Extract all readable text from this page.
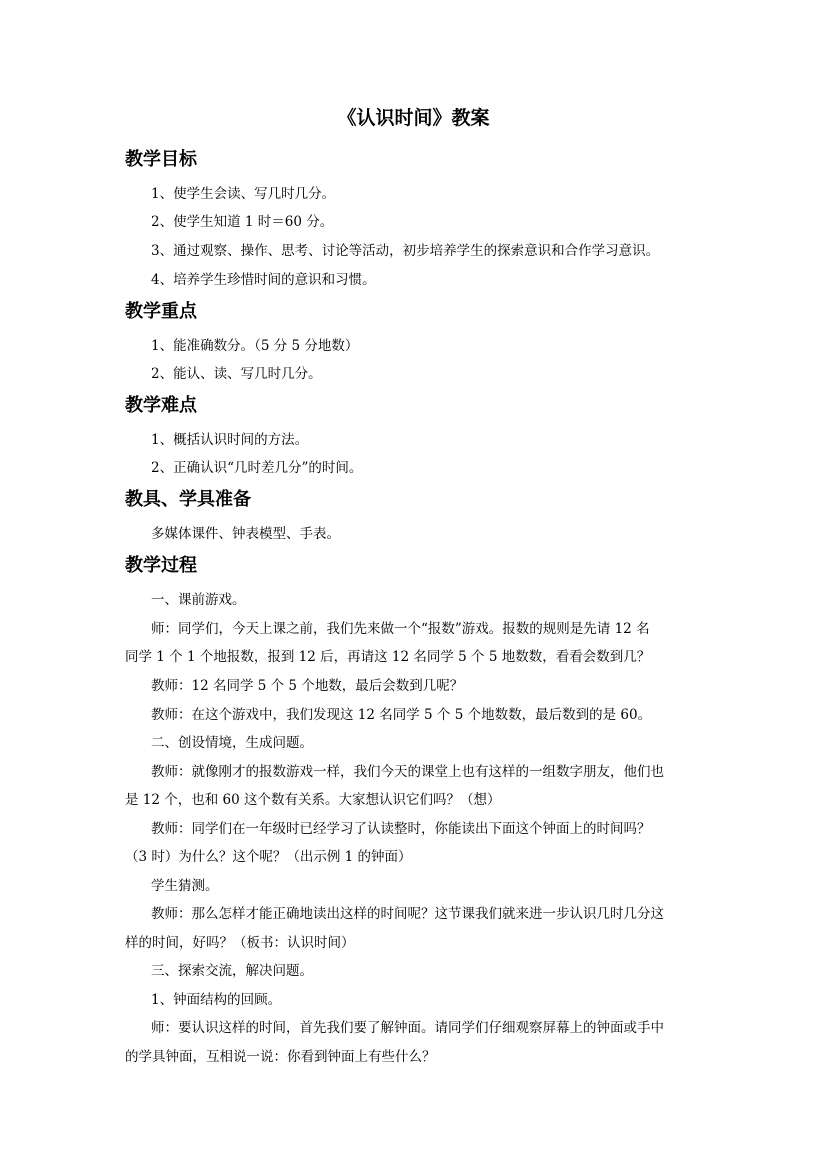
《认识时间》教案
教学目标
1、使学生会读、写几时几分。
2、使学生知道 1 时＝60 分。
3、通过观察、操作、思考、讨论等活动，初步培养学生的探索意识和合作学习意识。
4、培养学生珍惜时间的意识和习惯。
教学重点
1、能准确数分。（5 分 5 分地数）
2、能认、读、写几时几分。
教学难点
1、概括认识时间的方法。
2、正确认识“几时差几分”的时间。
教具、学具准备
多媒体课件、钟表模型、手表。
教学过程
一、课前游戏。
师：同学们，今天上课之前，我们先来做一个“报数”游戏。报数的规则是先请 12 名
同学 1 个 1 个地报数，报到 12 后，再请这 12 名同学 5 个 5 地数数，看看会数到几？
教师：12 名同学 5 个 5 个地数，最后会数到几呢？
教师：在这个游戏中，我们发现这 12 名同学 5 个 5 个地数数，最后数到的是 60。
二、创设情境，生成问题。
教师：就像刚才的报数游戏一样，我们今天的课堂上也有这样的一组数字朋友，他们也
是 12 个，也和 60 这个数有关系。大家想认识它们吗？（想）
教师：同学们在一年级时已经学习了认读整时，你能读出下面这个钟面上的时间吗？
（3 时）为什么？这个呢？（出示例 1 的钟面）
学生猜测。
教师：那么怎样才能正确地读出这样的时间呢？这节课我们就来进一步认识几时几分这
样的时间，好吗？（板书：认识时间）
三、探索交流，解决问题。
1、钟面结构的回顾。
师：要认识这样的时间，首先我们要了解钟面。请同学们仔细观察屏幕上的钟面或手中
的学具钟面，互相说一说：你看到钟面上有些什么？
